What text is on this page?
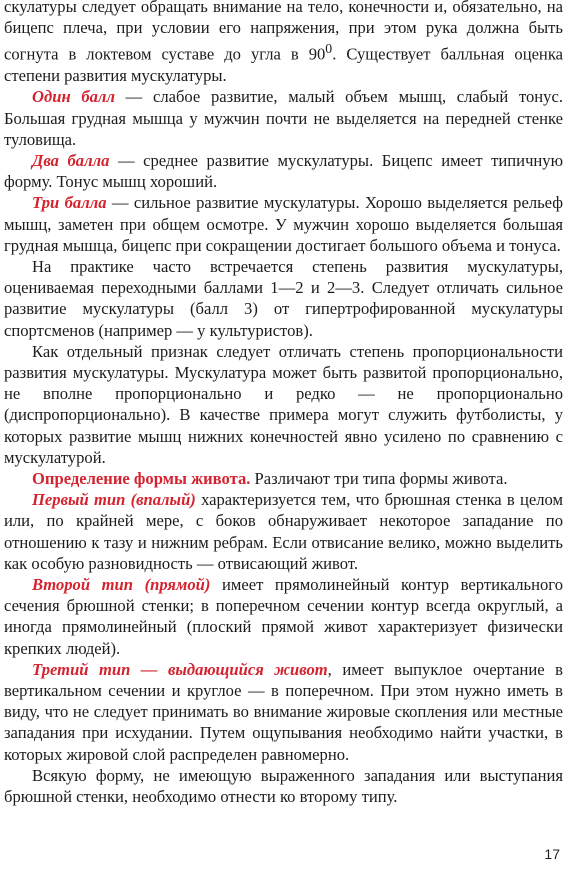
скулатуры следует обращать внимание на тело, конечности и, обязательно, на бицепс плеча, при условии его напряжения, при этом рука должна быть согнута в локтевом суставе до угла в $90^0$. Существует балльная оценка степени развития мускулатуры.

Один балл — слабое развитие, малый объем мышц, слабый тонус. Большая грудная мышца у мужчин почти не выделяется на передней стенке туловища.

Два балла — среднее развитие мускулатуры. Бицепс имеет типичную форму. Тонус мышц хороший.

Три балла — сильное развитие мускулатуры. Хорошо выделяется рельеф мышц, заметен при общем осмотре. У мужчин хорошо выделяется большая грудная мышца, бицепс при сокращении достигает большого объема и тонуса.

На практике часто встречается степень развития мускулатуры, оцениваемая переходными баллами 1—2 и 2—3. Следует отличать сильное развитие мускулатуры (балл 3) от гипертрофированной мускулатуры спортсменов (например — у культуристов).

Как отдельный признак следует отличать степень пропорциональности развития мускулатуры. Мускулатура может быть развитой пропорционально, не вполне пропорционально и редко — не пропорционально (диспропорционально). В качестве примера могут служить футболисты, у которых развитие мышц нижних конечностей явно усилено по сравнению с мускулатурой.

Определение формы живота. Различают три типа формы живота.

Первый тип (впалый) характеризуется тем, что брюшная стенка в целом или, по крайней мере, с боков обнаруживает некоторое западание по отношению к тазу и нижним ребрам. Если отвисание велико, можно выделить как особую разновидность — отвисающий живот.

Второй тип (прямой) имеет прямолинейный контур вертикального сечения брюшной стенки; в поперечном сечении контур всегда округлый, а иногда прямолинейный (плоский прямой живот характеризует физически крепких людей).

Третий тип — выдающийся живот, имеет выпуклое очертание в вертикальном сечении и круглое — в поперечном. При этом нужно иметь в виду, что не следует принимать во внимание жировые скопления или местные западания при исхудании. Путем ощупывания необходимо найти участки, в которых жировой слой распределен равномерно.

Всякую форму, не имеющую выраженного западания или выступания брюшной стенки, необходимо отнести ко второму типу.

17
